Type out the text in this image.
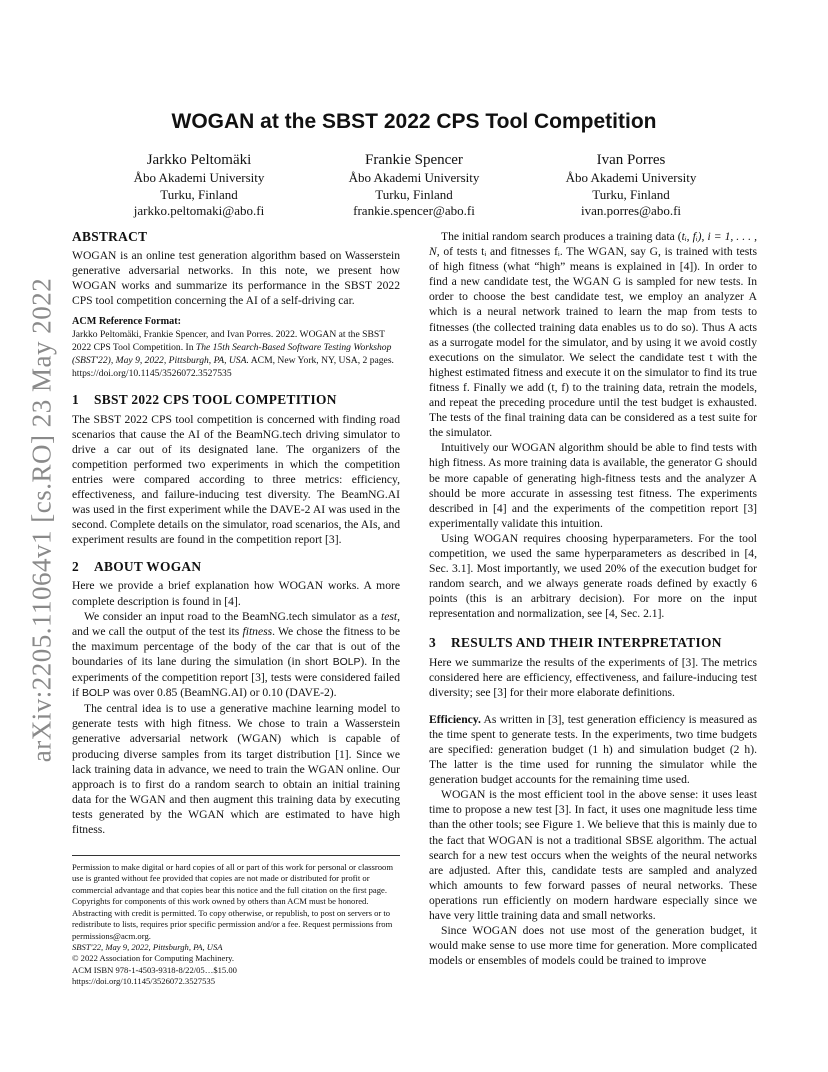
arXiv:2205.11064v1 [cs.RO] 23 May 2022
WOGAN at the SBST 2022 CPS Tool Competition
Jarkko Peltomäki
Åbo Akademi University
Turku, Finland
jarkko.peltomaki@abo.fi
Frankie Spencer
Åbo Akademi University
Turku, Finland
frankie.spencer@abo.fi
Ivan Porres
Åbo Akademi University
Turku, Finland
ivan.porres@abo.fi
ABSTRACT

WOGAN is an online test generation algorithm based on Wasserstein generative adversarial networks. In this note, we present how WOGAN works and summarize its performance in the SBST 2022 CPS tool competition concerning the AI of a self-driving car.

ACM Reference Format:
Jarkko Peltomäki, Frankie Spencer, and Ivan Porres. 2022. WOGAN at the SBST 2022 CPS Tool Competition. In The 15th Search-Based Software Testing Workshop (SBST'22), May 9, 2022, Pittsburgh, PA, USA. ACM, New York, NY, USA, 2 pages. https://doi.org/10.1145/3526072.3527535
1 SBST 2022 CPS TOOL COMPETITION

The SBST 2022 CPS tool competition is concerned with finding road scenarios that cause the AI of the BeamNG.tech driving simulator to drive a car out of its designated lane. The organizers of the competition performed two experiments in which the competition entries were compared according to three metrics: efficiency, effectiveness, and failure-inducing test diversity. The BeamNG.AI was used in the first experiment while the DAVE-2 AI was used in the second. Complete details on the simulator, road scenarios, the AIs, and experiment results are found in the competition report [3].

2 ABOUT WOGAN

Here we provide a brief explanation how WOGAN works. A more complete description is found in [4].

We consider an input road to the BeamNG.tech simulator as a test, and we call the output of the test its fitness. We chose the fitness to be the maximum percentage of the body of the car that is out of the boundaries of its lane during the simulation (in short BOLP). In the experiments of the competition report [3], tests were considered failed if BOLP was over 0.85 (BeamNG.AI) or 0.10 (DAVE-2).

The central idea is to use a generative machine learning model to generate tests with high fitness. We chose to train a Wasserstein generative adversarial network (WGAN) which is capable of producing diverse samples from its target distribution [1]. Since we lack training data in advance, we need to train the WGAN online. Our approach is to first do a random search to obtain an initial training data for the WGAN and then augment this training data by executing tests generated by the WGAN which are estimated to have high fitness.

Permission to make digital or hard copies of all or part of this work for personal or classroom use is granted without fee provided that copies are not made or distributed for profit or commercial advantage and that copies bear this notice and the full citation on the first page. Copyrights for components of this work owned by others than ACM must be honored. Abstracting with credit is permitted. To copy otherwise, or republish, to post on servers or to redistribute to lists, requires prior specific permission and/or a fee. Request permissions from permissions@acm.org.

SBST'22, May 9, 2022, Pittsburgh, PA, USA

© 2022 Association for Computing Machinery.

ACM ISBN 978-1-4503-9318-8/22/05…$15.00

https://doi.org/10.1145/3526072.3527535

The initial random search produces a training data (tᵢ, fᵢ), i = 1, . . . , N, of tests tᵢ and fitnesses fᵢ. The WGAN, say G, is trained with tests of high fitness (what “high” means is explained in [4]). In order to find a new candidate test, the WGAN G is sampled for new tests. In order to choose the best candidate test, we employ an analyzer A which is a neural network trained to learn the map from tests to fitnesses (the collected training data enables us to do so). Thus A acts as a surrogate model for the simulator, and by using it we avoid costly executions on the simulator. We select the candidate test t with the highest estimated fitness and execute it on the simulator to find its true fitness f. Finally we add (t, f) to the training data, retrain the models, and repeat the preceding procedure until the test budget is exhausted. The tests of the final training data can be considered as a test suite for the simulator.

Intuitively our WOGAN algorithm should be able to find tests with high fitness. As more training data is available, the generator G should be more capable of generating high-fitness tests and the analyzer A should be more accurate in assessing test fitness. The experiments described in [4] and the experiments of the competition report [3] experimentally validate this intuition.

Using WOGAN requires choosing hyperparameters. For the tool competition, we used the same hyperparameters as described in [4, Sec. 3.1]. Most importantly, we used 20% of the execution budget for random search, and we always generate roads defined by exactly 6 points (this is an arbitrary decision). For more on the input representation and normalization, see [4, Sec. 2.1].

3 RESULTS AND THEIR INTERPRETATION

Here we summarize the results of the experiments of [3]. The metrics considered here are efficiency, effectiveness, and failure-inducing test diversity; see [3] for their more elaborate definitions.

Efficiency. As written in [3], test generation efficiency is measured as the time spent to generate tests. In the experiments, two time budgets are specified: generation budget (1 h) and simulation budget (2 h). The latter is the time used for running the simulator while the generation budget accounts for the remaining time used.

WOGAN is the most efficient tool in the above sense: it uses least time to propose a new test [3]. In fact, it uses one magnitude less time than the other tools; see Figure 1. We believe that this is mainly due to the fact that WOGAN is not a traditional SBSE algorithm. The actual search for a new test occurs when the weights of the neural networks are adjusted. After this, candidate tests are sampled and analyzed which amounts to few forward passes of neural networks. These operations run efficiently on modern hardware especially since we have very little training data and small networks.

Since WOGAN does not use most of the generation budget, it would make sense to use more time for generation. More complicated models or ensembles of models could be trained to improve
